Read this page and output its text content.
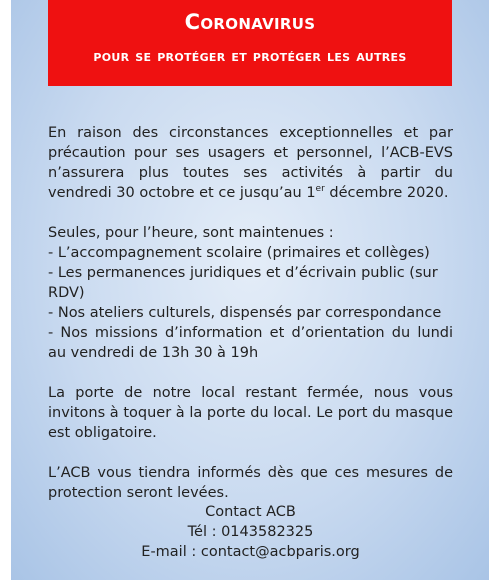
Coronavirus
pour se protéger et protéger les autres

En raison des circonstances exceptionnelles et par précaution pour ses usagers et personnel, l’ACB-EVS n’assurera plus toutes ses activités à partir du vendredi 30 octobre et ce jusqu’au 1er décembre 2020.

Seules, pour l’heure, sont maintenues :

- L’accompagnement scolaire (primaires et collèges)

- Les permanences juridiques et d’écrivain public (sur RDV)

- Nos ateliers culturels, dispensés par correspondance

- Nos missions d’information et d’orientation du lundi au vendredi de 13h 30 à 19h

La porte de notre local restant fermée, nous vous invitons à toquer à la porte du local. Le port du masque est obligatoire.

L’ACB vous tiendra informés dès que ces mesures de protection seront levées.

Contact ACB

Tél : 0143582325

E-mail : contact@acbparis.org
